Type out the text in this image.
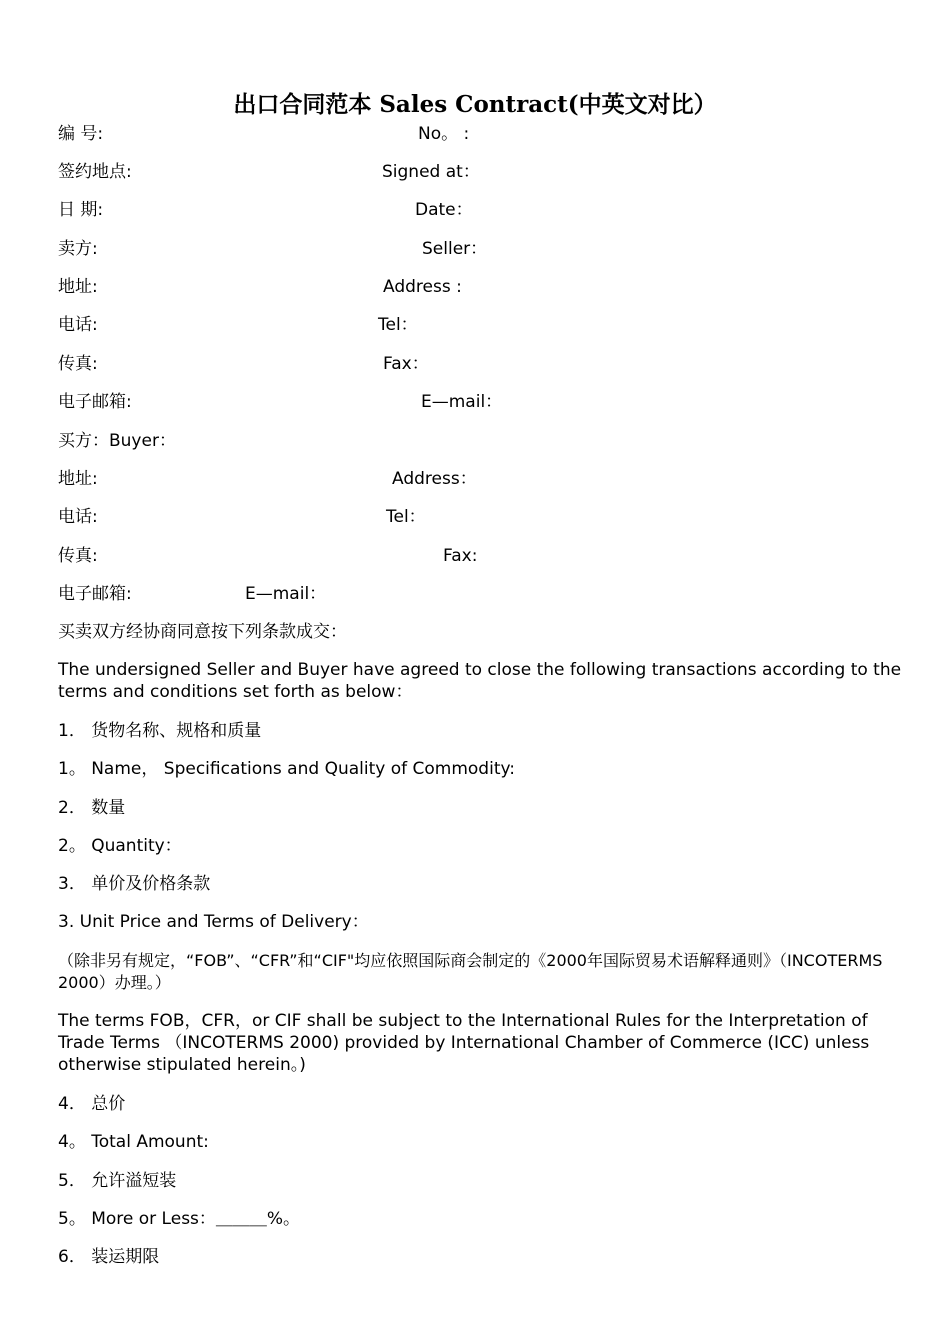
出口合同范本 Sales Contract(中英文对比）
编 号:	No。 :
签约地点:	Signed at：
日 期:	Date：
卖方:	Seller：
地址:	Address :
电话:	Tel：
传真:	Fax：
电子邮箱:	E—mail：
买方：Buyer：
地址:	Address：
电话:	Tel：
传真:	Fax:
电子邮箱:	E—mail：
买卖双方经协商同意按下列条款成交：
The undersigned Seller and Buyer have agreed to close the following transactions according to the terms and conditions set forth as below：
1． 货物名称、规格和质量
1。 Name， Specifications and Quality of Commodity:
2． 数量
2。 Quantity：
3． 单价及价格条款
3. Unit Price and Terms of Delivery：
（除非另有规定，“FOB”、“CFR”和“CIF"均应依照国际商会制定的《2000年国际贸易术语解释通则》（INCOTERMS 2000）办理。）
The terms FOB，CFR，or CIF shall be subject to the International Rules for the Interpretation of Trade Terms （INCOTERMS 2000) provided by International Chamber of Commerce (ICC) unless otherwise stipulated herein。)
4． 总价
4。 Total Amount:
5． 允许溢短装
5。 More or Less：＿＿＿%。
6． 装运期限
